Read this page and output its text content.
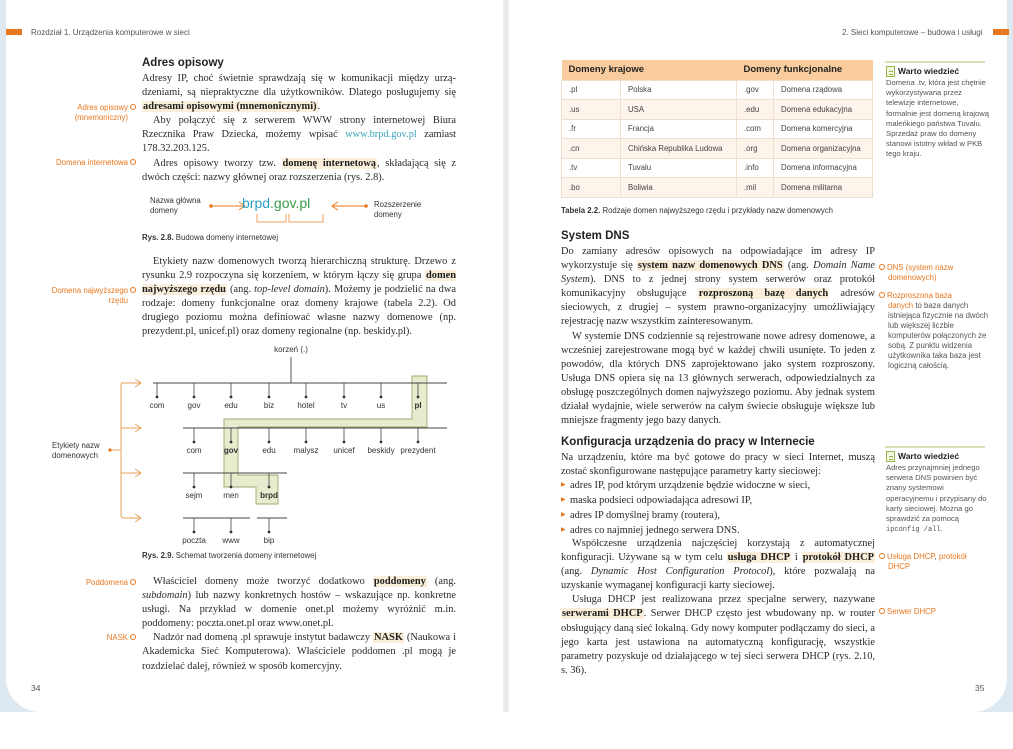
Rozdział 1. Urządzenia komputerowe w sieci
Adres opisowy
Adresy IP, choć świetnie sprawdzają się w komunikacji między urzą-dzeniami, są niepraktyczne dla użytkowników. Dlatego posługujemy się adresami opisowymi (mnemonicznymi).
Aby połączyć się z serwerem WWW strony internetowej Biura Rzecznika Praw Dziecka, możemy wpisać www.brpd.gov.pl zamiast 178.32.203.125.
Adres opisowy tworzy tzw. domenę internetową, składającą się z dwóch części: nazwy głównej oraz rozszerzenia (rys. 2.8).
Adres opisowy
(mnemoniczny)
Domena internetowa
Nazwa główna
domeny	brpd.gov.pl	Rozszerzenie
domeny
Rys. 2.8. Budowa domeny internetowej
Etykiety nazw domenowych tworzą hierarchiczną strukturę. Drzewo z rysunku 2.9 rozpoczyna się korzeniem, w którym łączy się grupa domen najwyższego rzędu (ang. top-level domain). Możemy je podzielić na dwa rodzaje: domeny funkcjonalne oraz domeny krajowe (tabela 2.2). Od drugiego poziomu można definiować własne nazwy domenowe (np. prezydent.pl, unicef.pl) oraz domeny regionalne (np. beskidy.pl).
Domena najwyższego
rzędu
korzeń (.)
Etykiety nazw
domenowych
com	gov	edu	biz	hotel	tv	us	pl
com	gov	edu	malysz	unicef	beskidy prezydent
sejm	men	brpd
poczta	www	bip
Rys. 2.9. Schemat tworzenia domeny internetowej
Właściciel domeny może tworzyć dodatkowo poddomeny (ang. subdomain) lub nazwy konkretnych hostów – wskazujące np. konkretne usługi. Na przykład w domenie onet.pl możemy wyróżnić m.in. poddomeny: poczta.onet.pl oraz www.onet.pl.
Nadzór nad domeną .pl sprawuje instytut badawczy NASK (Naukowa i Akademicka Sieć Komputerowa). Właściciele poddomen .pl mogą je rozdzielać dalej, również w sposób komercyjny.
Poddomena
NASK
34
2. Sieci komputerowe – budowa i usługi
Domeny krajowe		Domeny funkcjonalne	
.pl	Polska	.gov	Domena rządowa
.us	USA	.edu	Domena edukacyjna
.fr	Francja	.com	Domena komercyjna
.cn	Chińska Republika Ludowa	.org	Domena organizacyjna
.tv	Tuvalu	.info	Domena informacyjna
.bo	Boliwia	.mil	Domena militarna
Tabela 2.2. Rodzaje domen najwyższego rzędu i przykłady nazw domenowych
Warto wiedzieć
Domena .tv, która jest chętnie wykorzystywana przez telewizje internetowe, formalnie jest domeną krajową maleńkiego państwa Tuvalu. Sprzedaż praw do domeny stanowi istotny wkład w PKB tego kraju.
System DNS
Do zamiany adresów opisowych na odpowiadające im adresy IP wykorzystuje się system nazw domenowych DNS (ang. Domain Name System). DNS to z jednej strony system serwerów oraz protokół komunikacyjny obsługujące rozproszoną bazę danych adresów sieciowych, z drugiej – system prawno-organizacyjny umożliwiający rejestrację nazw wszystkim zainteresowanym.
W systemie DNS codziennie są rejestrowane nowe adresy domenowe, a wcześniej zarejestrowane mogą być w każdej chwili usunięte. To jeden z powodów, dla których DNS zaprojektowano jako system rozproszony. Usługa DNS opiera się na 13 głównych serwerach, odpowiedzialnych za obsługę poszczególnych domen najwyższego poziomu. Aby jednak system działał wydajnie, wiele serwerów na całym świecie obsługuje większe lub mniejsze fragmenty jego bazy danych.
DNS (system nazw
domenowych)
Rozproszona baza
danych to baza danych istniejąca fizycznie na dwóch lub większej liczbie komputerów połączonych ze sobą. Z punktu widzenia użytkownika taka baza jest logiczną całością.
Konfiguracja urządzenia do pracy w Internecie
Na urządzeniu, które ma być gotowe do pracy w sieci Internet, muszą zostać skonfigurowane następujące parametry karty sieciowej:
▶ adres IP, pod którym urządzenie będzie widoczne w sieci,
▶ maska podsieci odpowiadająca adresowi IP,
▶ adres IP domyślnej bramy (routera),
▶ adres co najmniej jednego serwera DNS.
Współczesne urządzenia najczęściej korzystają z automatycznej konfiguracji. Używane są w tym celu usługa DHCP i protokół DHCP (ang. Dynamic Host Configuration Protocol), które pozwalają na uzyskanie wymaganej konfiguracji karty sieciowej.
Usługa DHCP jest realizowana przez specjalne serwery, nazywane serwerami DHCP. Serwer DHCP często jest wbudowany np. w router obsługujący daną sieć lokalną. Gdy nowy komputer podłączamy do sieci, a jego karta jest ustawiona na automatyczną konfigurację, wszystkie parametry pozyskuje od działającego w tej sieci serwera DHCP (rys. 2.10, s. 36).
Warto wiedzieć
Adres przynajmniej jednego serwera DNS powinien być znany systemowi operacyjnemu i przypisany do karty sieciowej. Można go sprawdzić za pomocą ipconfig /all.
Usługa DHCP, protokół
DHCP
Serwer DHCP
35
